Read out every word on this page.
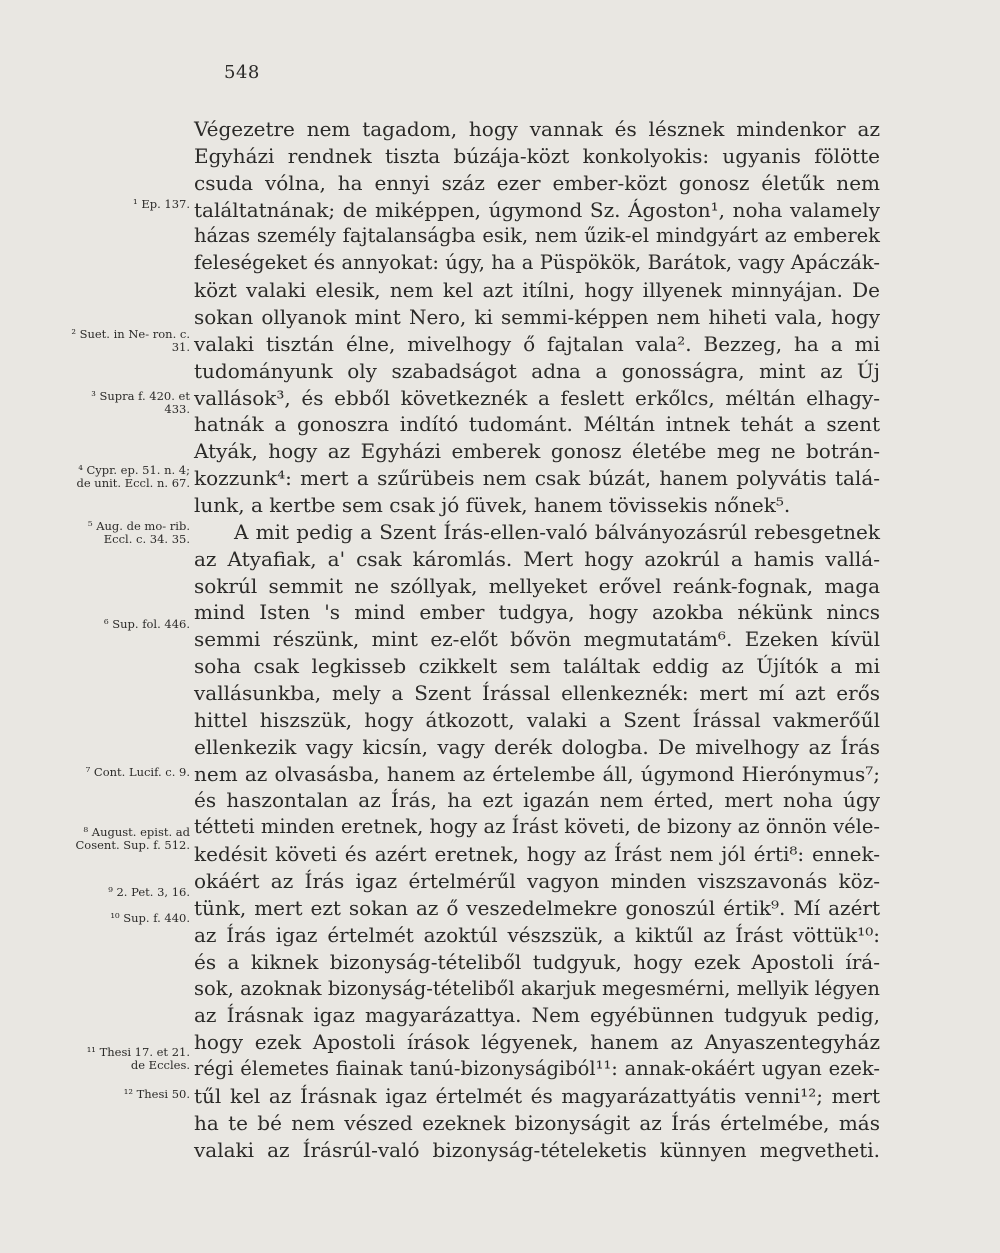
548
¹ Ep. 137.
² Suet. in Ne- ron. c. 31.
³ Supra f. 420. et 433.
⁴ Cypr. ep. 51. n. 4; de unit. Eccl. n. 67.
⁵ Aug. de mo- rib. Eccl. c. 34. 35.
⁶ Sup. fol. 446.
⁷ Cont. Lucif. c. 9.
⁸ August. epist. ad Cosent. Sup. f. 512.
⁹ 2. Pet. 3, 16.
¹⁰ Sup. f. 440.
¹¹ Thesi 17. et 21. de Eccles.
¹² Thesi 50.
Végezetre nem tagadom, hogy vannak és lésznek mindenkor az
Egyházi rendnek tiszta búzája-közt konkolyokis: ugyanis fölötte
csuda vólna, ha ennyi száz ezer ember-közt gonosz életűk nem
találtatnának; de miképpen, úgymond Sz. Ágoston¹, noha valamely
házas személy fajtalanságba esik, nem űzik-el mindgyárt az emberek
feleségeket és annyokat: úgy, ha a Püspökök, Barátok, vagy Apáczák-
közt valaki elesik, nem kel azt itílni, hogy illyenek minnyájan. De
sokan ollyanok mint Nero, ki semmi-képpen nem hiheti vala, hogy
valaki tisztán élne, mivelhogy ő fajtalan vala². Bezzeg, ha a mi
tudományunk oly szabadságot adna a gonosságra, mint az Új
vallások³, és ebből következnék a feslett erkőlcs, méltán elhagy-
hatnák a gonoszra indító tudománt. Méltán intnek tehát a szent
Atyák, hogy az Egyházi emberek gonosz életébe meg ne botrán-
kozzunk⁴: mert a szűrübeis nem csak búzát, hanem polyvátis talá-
lunk, a kertbe sem csak jó füvek, hanem tövissekis nőnek⁵.
A mit pedig a Szent Írás-ellen-való bálványozásrúl rebesgetnek
az Atyafiak, a' csak káromlás. Mert hogy azokrúl a hamis vallá-
sokrúl semmit ne szóllyak, mellyeket erővel reánk-fognak, maga
mind Isten 's mind ember tudgya, hogy azokba nékünk nincs
semmi részünk, mint ez-előt bővön megmutatám⁶. Ezeken kívül
soha csak legkisseb czikkelt sem találtak eddig az Újítók a mi
vallásunkba, mely a Szent Írással ellenkeznék: mert mí azt erős
hittel hiszszük, hogy átkozott, valaki a Szent Írással vakmerőűl
ellenkezik vagy kicsín, vagy derék dologba. De mivelhogy az Írás
nem az olvasásba, hanem az értelembe áll, úgymond Hierónymus⁷;
és haszontalan az Írás, ha ezt igazán nem érted, mert noha úgy
tétteti minden eretnek, hogy az Írást követi, de bizony az önnön véle-
kedésit követi és azért eretnek, hogy az Írást nem jól érti⁸: ennek-
okáért az Írás igaz értelmérűl vagyon minden viszszavonás köz-
tünk, mert ezt sokan az ő veszedelmekre gonoszúl értik⁹. Mí azért
az Írás igaz értelmét azoktúl vészszük, a kiktűl az Írást vöttük¹⁰:
és a kiknek bizonyság-tételiből tudgyuk, hogy ezek Apostoli írá-
sok, azoknak bizonyság-tételiből akarjuk megesmérni, mellyik légyen
az Írásnak igaz magyarázattya. Nem egyébünnen tudgyuk pedig,
hogy ezek Apostoli írások légyenek, hanem az Anyaszentegyház
régi élemetes fiainak tanú-bizonyságiból¹¹: annak-okáért ugyan ezek-
tűl kel az Írásnak igaz értelmét és magyarázattyátis venni¹²; mert
ha te bé nem vészed ezeknek bizonyságit az Írás értelmébe, más
valaki az Írásrúl-való bizonyság-tételeketis künnyen megvetheti.
